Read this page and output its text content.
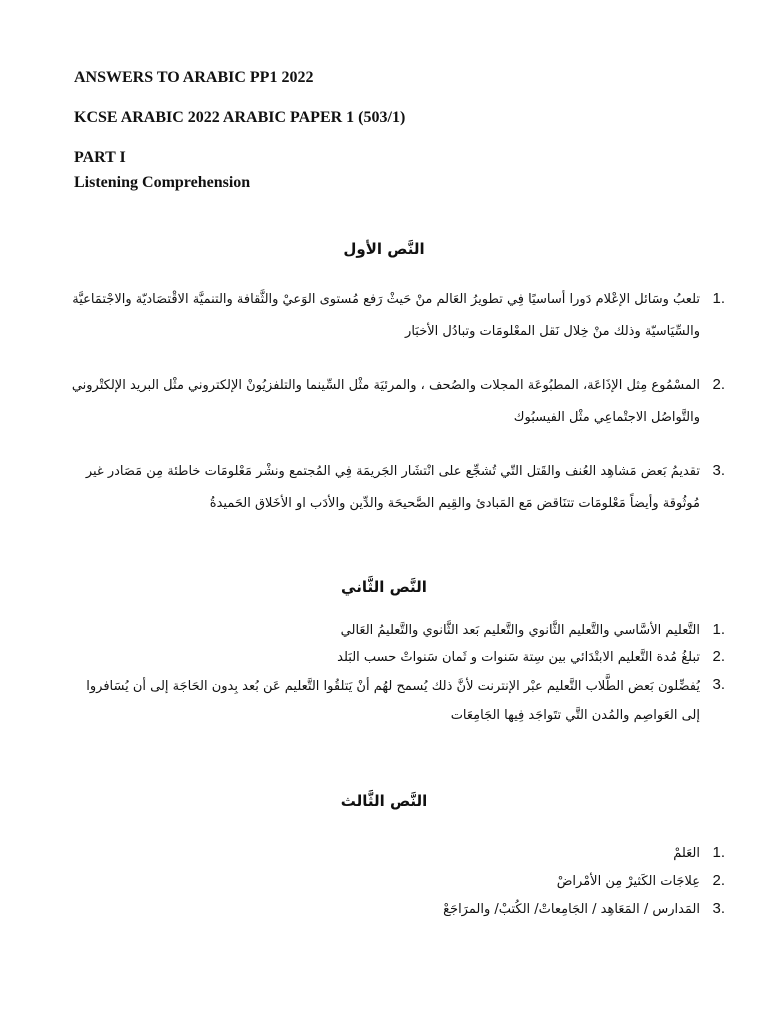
ANSWERS TO ARABIC PP1 2022
KCSE ARABIC 2022 ARABIC PAPER 1 (503/1)
PART I
Listening Comprehension
النَّص الأول
1.
تلعبُ وسَائل الإعْلام دَورا أساسيًا فِي تطويرُ العَالم منْ حَيثْ رَفع مُستوى الوَعيْ والثَّقافة والتنميَّة الاقْتصَاديّة والاجْتمَاعيَّة والسِّيَاسيّة وذلك منْ خِلال نَقل المعْلومَات وتبادُل الأخبَار
2.
المسْمُوع مِثل الإذَاعَة، المطبُوعَة المجلات والصُحف ، والمرئيَة مثْل السِّينما والتلفزيُونْ الإلكتروني مثْل البريد الإلكتْروني والتَّواصُل الاجتْماعِي مثْل الفيسبُوك
3.
تقديمُ بَعض مَشاهِد العُنف والقَتل التّي تُشجِّع على انْتشَار الجَريمَة فِي المُجتمع ونشْر مَعْلومَات خاطئة مِن مَصَادر غير مُوثُوقة وأيضاً مَعْلومَات تتنَاقض مَع المَبادئ والقِيم الصَّحيحَة والدِّين والأدَب او الأخَلاق الحَميدةُ
النَّص الثَّاني
1.
التَّعليم الأسَّاسي والتَّعليم الثَّانوي والتَّعليم بَعد الثَّانوي والتَّعليمُ العَالي
2.
تبلغُ مُدة التَّعليم الابتْدَائي بين سِتة سَنوات و ثَمان سَنواتْ حسب البَلد
3.
يُفضِّلون بَعض الطَّلاب التَّعليم عبْر الإنترنت لأنَّ ذلك يُسمح لهُم أنْ يَتلقُوا التَّعليم عَن بُعد بِدون الحَاجَة إلى أن يُسَافروا إلى العَواصِم والمُدن التَّي تتَواجَد فِيها الجَامِعَات
النَّص الثَّالث
1.
العَلمْ
2.
عِلاجَات الكَثيرْ مِن الأمْراضْ
3.
المَدارس / المَعَاهِد / الجَامِعاتْ/ الكُتبْ/ والمرَاجَعْ
